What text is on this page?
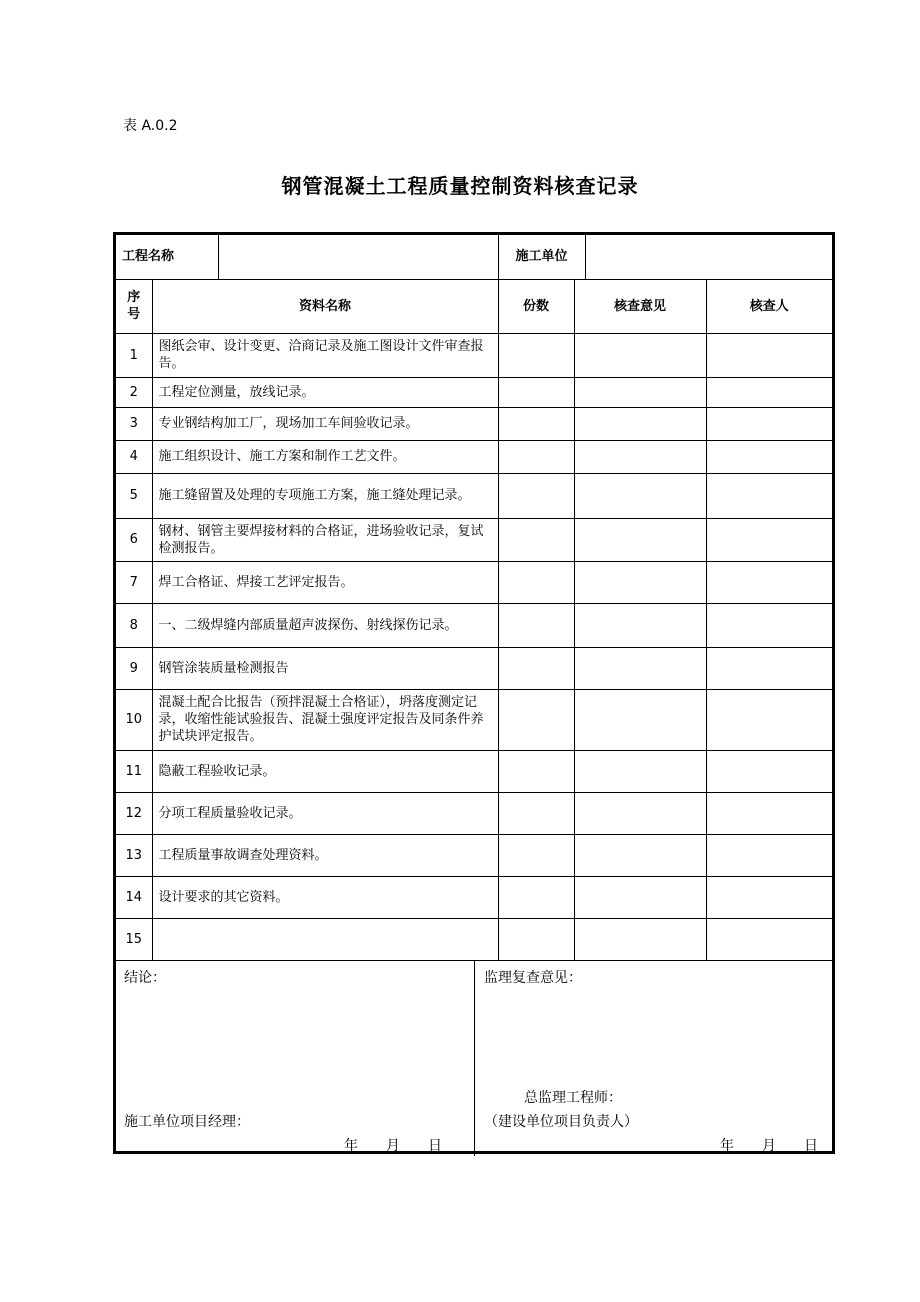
表 A.0.2
钢管混凝土工程质量控制资料核查记录
工程名称			施工单位			
序号	资料名称		份数	核查意见		核查人
1	图纸会审、设计变更、洽商记录及施工图设计文件审查报告。					
2	工程定位测量，放线记录。					
3	专业钢结构加工厂，现场加工车间验收记录。					
4	施工组织设计、施工方案和制作工艺文件。					
5	施工缝留置及处理的专项施工方案，施工缝处理记录。					
6	钢材、钢管主要焊接材料的合格证，进场验收记录，复试检测报告。					
7	焊工合格证、焊接工艺评定报告。					
8	一、二级焊缝内部质量超声波探伤、射线探伤记录。					
9	钢管涂装质量检测报告					
10	混凝土配合比报告（预拌混凝土合格证），坍落度测定记录，收缩性能试验报告、混凝土强度评定报告及同条件养护试块评定报告。					
11	隐蔽工程验收记录。					
12	分项工程质量验收记录。					
13	工程质量事故调查处理资料。					
14	设计要求的其它资料。					
15						
结论：
施工单位项目经理：
年　　月　　日
监理复查意见：
总监理工程师：
（建设单位项目负责人）
年　　月　　日
